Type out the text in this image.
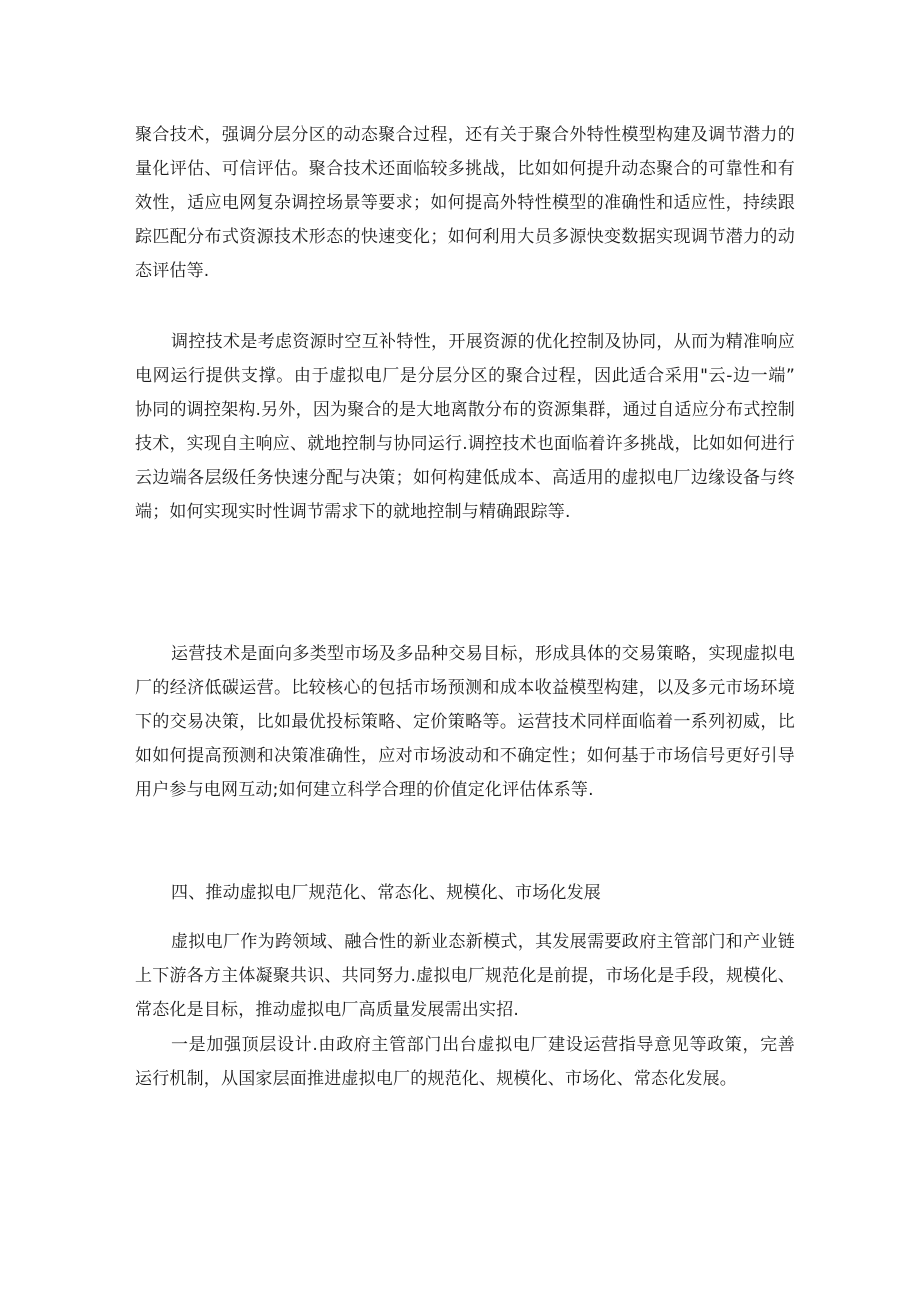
聚合技术，强调分层分区的动态聚合过程，还有关于聚合外特性模型构建及调节潜力的量化评估、可信评估。聚合技术还面临较多挑战，比如如何提升动态聚合的可靠性和有效性，适应电网复杂调控场景等要求；如何提高外特性模型的准确性和适应性，持续跟踪匹配分布式资源技术形态的快速变化；如何利用大员多源快变数据实现调节潜力的动态评估等.

调控技术是考虑资源时空互补特性，开展资源的优化控制及协同，从而为精准响应电网运行提供支撑。由于虚拟电厂是分层分区的聚合过程，因此适合采用"云-边一端” 协同的调控架构.另外，因为聚合的是大地离散分布的资源集群，通过自适应分布式控制技术，实现自主响应、就地控制与协同运行.调控技术也面临着许多挑战，比如如何进行云边端各层级任务快速分配与决策；如何构建低成本、高适用的虚拟电厂边缘设备与终端；如何实现实时性调节需求下的就地控制与精确跟踪等.

运营技术是面向多类型市场及多品种交易目标，形成具体的交易策略，实现虚拟电厂的经济低碳运营。比较核心的包括市场预测和成本收益模型构建，以及多元市场环境下的交易决策，比如最优投标策略、定价策略等。运营技术同样面临着一系列初威，比如如何提高预测和决策准确性，应对市场波动和不确定性；如何基于市场信号更好引导用户参与电网互动;如何建立科学合理的价值定化评估体系等.

四、推动虚拟电厂规范化、常态化、规模化、市场化发展

虚拟电厂作为跨领域、融合性的新业态新模式，其发展需要政府主管部门和产业链上下游各方主体凝聚共识、共同努力.虚拟电厂规范化是前提，市场化是手段，规模化、常态化是目标，推动虚拟电厂高质量发展需出实招.

一是加强顶层设计.由政府主管部门出台虚拟电厂建设运营指导意见等政策，完善运行机制，从国家层面推进虚拟电厂的规范化、规模化、市场化、常态化发展。
